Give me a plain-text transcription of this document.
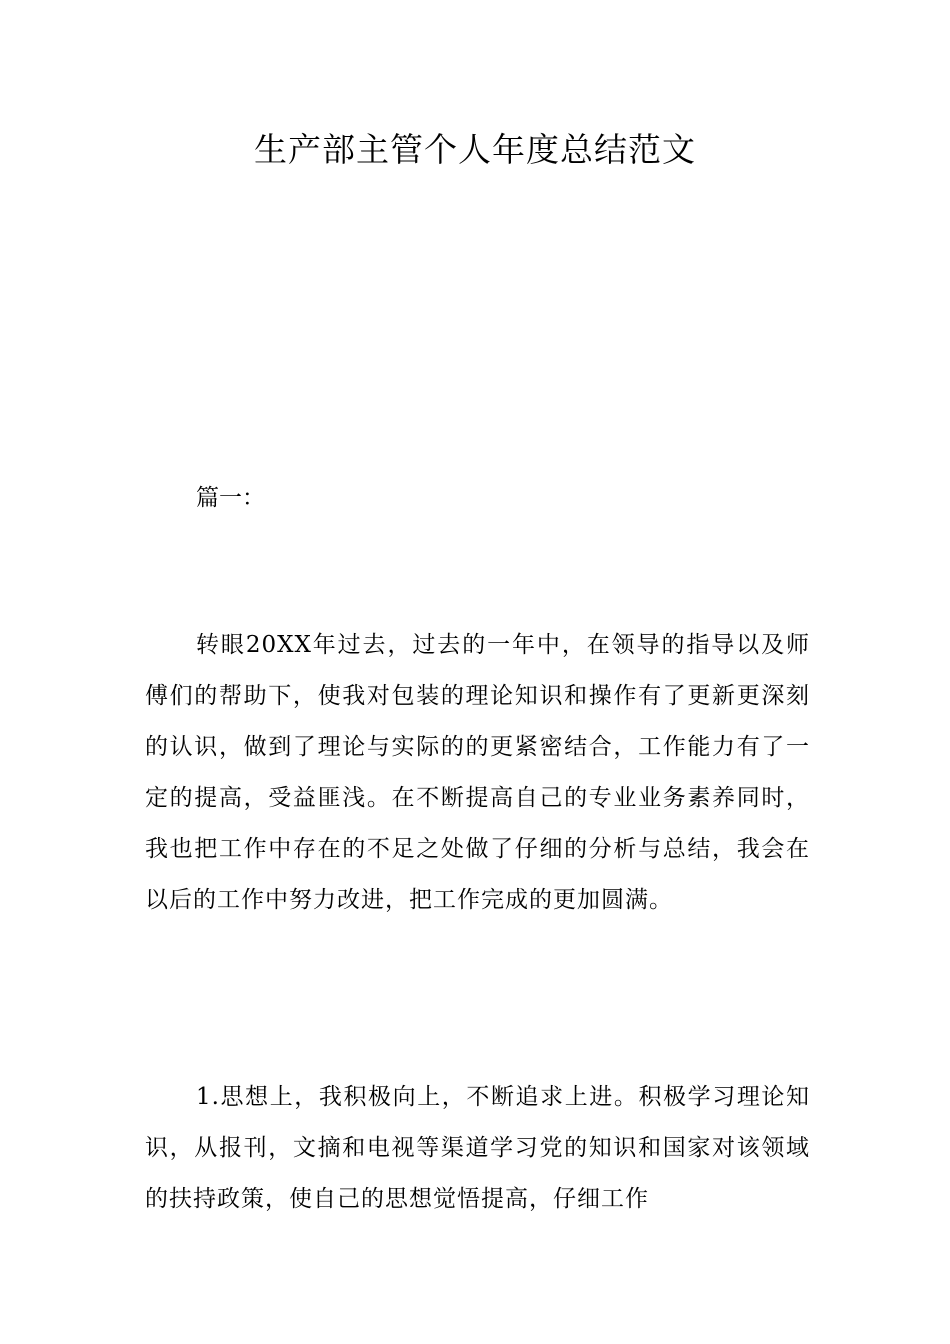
生产部主管个人年度总结范文
篇一：

转眼20XX年过去，过去的一年中，在领导的指导以及师傅们的帮助下，使我对包装的理论知识和操作有了更新更深刻的认识，做到了理论与实际的的更紧密结合，工作能力有了一定的提高，受益匪浅。在不断提高自己的专业业务素养同时，我也把工作中存在的不足之处做了仔细的分析与总结，我会在以后的工作中努力改进，把工作完成的更加圆满。

1.思想上，我积极向上，不断追求上进。积极学习理论知识，从报刊，文摘和电视等渠道学习党的知识和国家对该领域的扶持政策，使自己的思想觉悟提高，仔细工作
